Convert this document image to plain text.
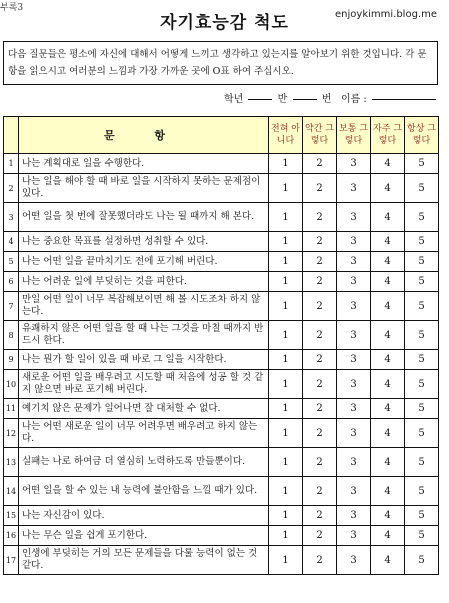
부록3
자기효능감 척도	enjoykimmi.blog.me
다음 질문들은 평소에 자신에 대해서 어떻게 느끼고 생각하고 있는지를 알아보기 위한 것입니다. 각 문항을 읽으시고 여러분의 느낌과 가장 가까운 곳에 O표 하여 주십시오.
학년	반	번 이름 :
	문 항	전혀 아니다	약간 그렇다	보통 그렇다	자주 그렇다	항상 그렇다
1	나는 계획대로 일을 수행한다.	1	2	3	4	5
2	나는 일을 해야 할 때 바로 일을 시작하지 못하는 문제점이 있다.	1	2	3	4	5
3	어떤 일을 첫 번에 잘못했더라도 나는 될 때까지 해 본다.	1	2	3	4	5
4	나는 중요한 목표를 설정하면 성취할 수 있다.	1	2	3	4	5
5	나는 어떤 일을 끝마치기도 전에 포기해 버린다.	1	2	3	4	5
6	나는 어려운 일에 부딪히는 것을 피한다.	1	2	3	4	5
7	만일 어떤 일이 너무 복잡해보이면 해 볼 시도조차 하지 않는다.	1	2	3	4	5
8	유쾌하지 않은 어떤 일을 할 때 나는 그것을 마칠 때까지 반드시 한다.	1	2	3	4	5
9	나는 뭔가 할 일이 있을 때 바로 그 일을 시작한다.	1	2	3	4	5
10	새로운 어떤 일을 배우려고 시도할 때 처음에 성공 할 것 같지 않으면 바로 포기해 버린다.	1	2	3	4	5
11	예기치 않은 문제가 일어나면 잘 대처할 수 없다.	1	2	3	4	5
12	나는 어떤 새로운 일이 너무 어려우면 배우려고 하지 않는다.	1	2	3	4	5
13	실패는 나로 하여금 더 열심히 노력하도록 만들뿐이다.	1	2	3	4	5
14	어떤 일을 할 수 있는 내 능력에 불안함을 느낄 때가 있다.	1	2	3	4	5
15	나는 자신감이 있다.	1	2	3	4	5
16	나는 무슨 일을 쉽게 포기한다.	1	2	3	4	5
17	인생에 부딪히는 거의 모든 문제들을 다룰 능력이 없는 것 같다.	1	2	3	4	5
